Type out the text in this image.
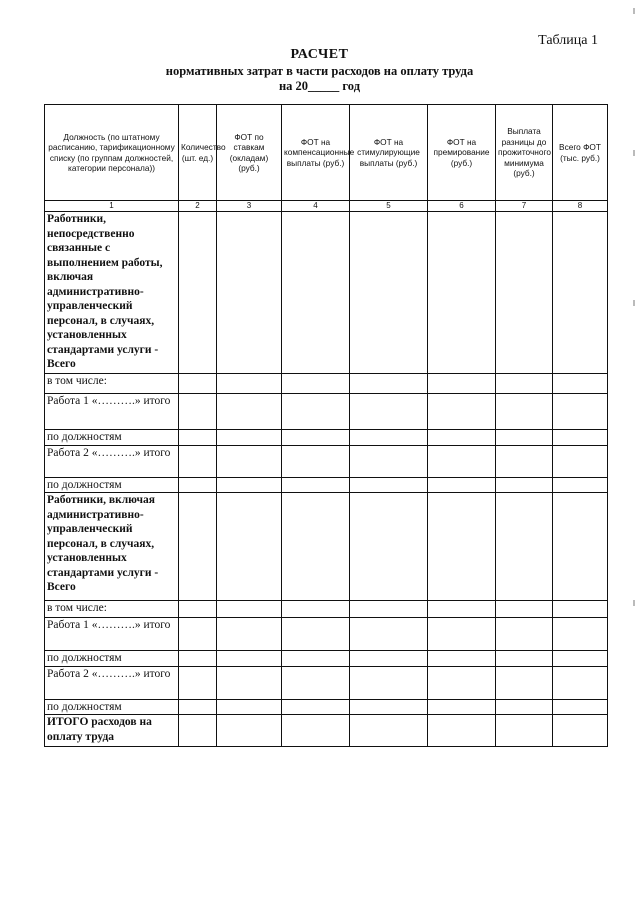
Таблица 1
РАСЧЕТ
нормативных затрат в части расходов на оплату труда
на 20_____ год
Должность (по штатному расписанию, тарификационному списку (по группам должностей, категории персонала))	Количество (шт. ед.)	ФОТ по ставкам (окладам) (руб.)	ФОТ на компенсационные выплаты (руб.)	ФОТ на стимулирующие выплаты (руб.)	ФОТ на премирование (руб.)	Выплата разницы до прожиточного минимума (руб.)	Всего ФОТ (тыс. руб.)
1	2	3	4	5	6	7	8
Работники, непосредственно связанные с выполнением работы, включая административно-управленческий персонал, в случаях, установленных стандартами услуги - Всего							
в том числе:							
Работа 1 «……….» итого							
по должностям							
Работа 2 «……….» итого							
по должностям							
Работники, включая административно-управленческий персонал, в случаях, установленных стандартами услуги - Всего							
в том числе:							
Работа 1 «……….» итого							
по должностям							
Работа 2 «……….» итого							
по должностям							
ИТОГО расходов на оплату труда							
